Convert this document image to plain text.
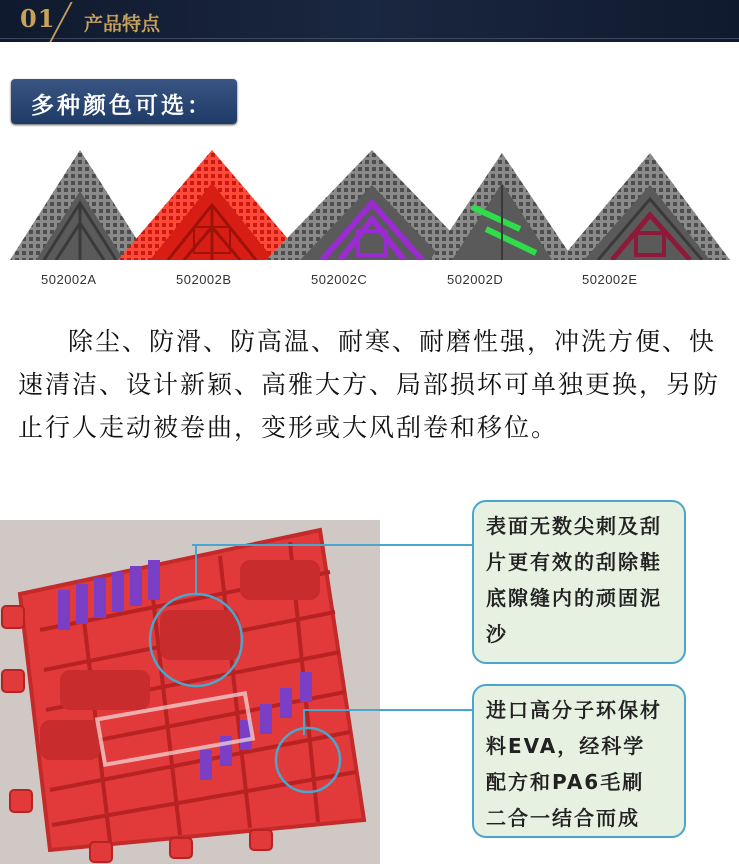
01 产品特点
多种颜色可选：
502002A	502002B	502002C	502002D	502002E

除尘、防滑、防高温、耐寒、耐磨性强，冲洗方便、快速清洁、设计新颖、高雅大方、局部损坏可单独更换，另防止行人走动被卷曲，变形或大风刮卷和移位。

表面无数尖刺及刮片更有效的刮除鞋底隙缝内的顽固泥沙
进口高分子环保材料EVA，经科学配方和PA6毛刷二合一结合而成
